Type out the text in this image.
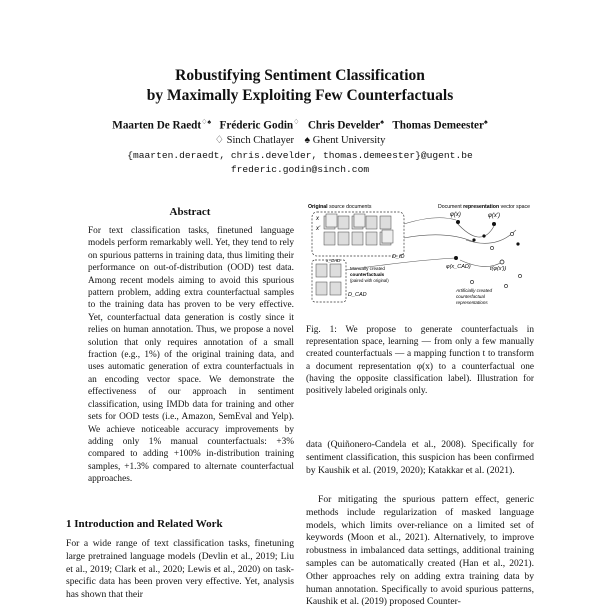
Robustifying Sentiment Classification
by Maximally Exploiting Few Counterfactuals
Maarten De Raedt♢♠ Fréderic Godin♢ Chris Develder♠ Thomas Demeester♠
♢ Sinch Chatlayer ♠ Ghent University
{maarten.deraedt, chris.develder, thomas.demeester}@ugent.be
frederic.godin@sinch.com
Abstract
For text classification tasks, finetuned language models perform remarkably well. Yet, they tend to rely on spurious patterns in training data, thus limiting their performance on out-of-distribution (OOD) test data. Among recent models aiming to avoid this spurious pattern problem, adding extra counterfactual samples to the training data has proven to be very effective. Yet, counterfactual data generation is costly since it relies on human annotation. Thus, we propose a novel solution that only requires annotation of a small fraction (e.g., 1%) of the original training data, and uses automatic generation of extra counterfactuals in an encoding vector space. We demonstrate the effectiveness of our approach in sentiment classification, using IMDb data for training and other sets for OOD tests (i.e., Amazon, SemEval and Yelp). We achieve noticeable accuracy improvements by adding only 1% manual counterfactuals: +3% compared to adding +100% in-distribution training samples, +1.3% compared to alternate counterfactual approaches.
1 Introduction and Related Work
For a wide range of text classification tasks, finetuning large pretrained language models (Devlin et al., 2019; Liu et al., 2019; Clark et al., 2020; Lewis et al., 2020) on task-specific data has been proven very effective. Yet, analysis has shown that their
Original source documents	Document representation vector space
x
x'
D_ID
x_CAD
D_CAD
Manually created
counterfactuals
(paired with original)
φ(x)	φ(x')
φ(x_CAD)	t(φ(x'))
Artificially created
counterfactual
representations
Fig. 1: We propose to generate counterfactuals in representation space, learning — from only a few manually created counterfactuals — a mapping function t to transform a document representation φ(x) to a counterfactual one (having the opposite classification label). Illustration for positively labeled originals only.
data (Quiñonero-Candela et al., 2008). Specifically for sentiment classification, this suspicion has been confirmed by Kaushik et al. (2019, 2020); Katakkar et al. (2021).
For mitigating the spurious pattern effect, generic methods include regularization of masked language models, which limits over-reliance on a limited set of keywords (Moon et al., 2021). Alternatively, to improve robustness in imbalanced data settings, additional training samples can be automatically created (Han et al., 2021). Other approaches rely on adding extra training data by human annotation. Specifically to avoid spurious patterns, Kaushik et al. (2019) proposed Counter-
